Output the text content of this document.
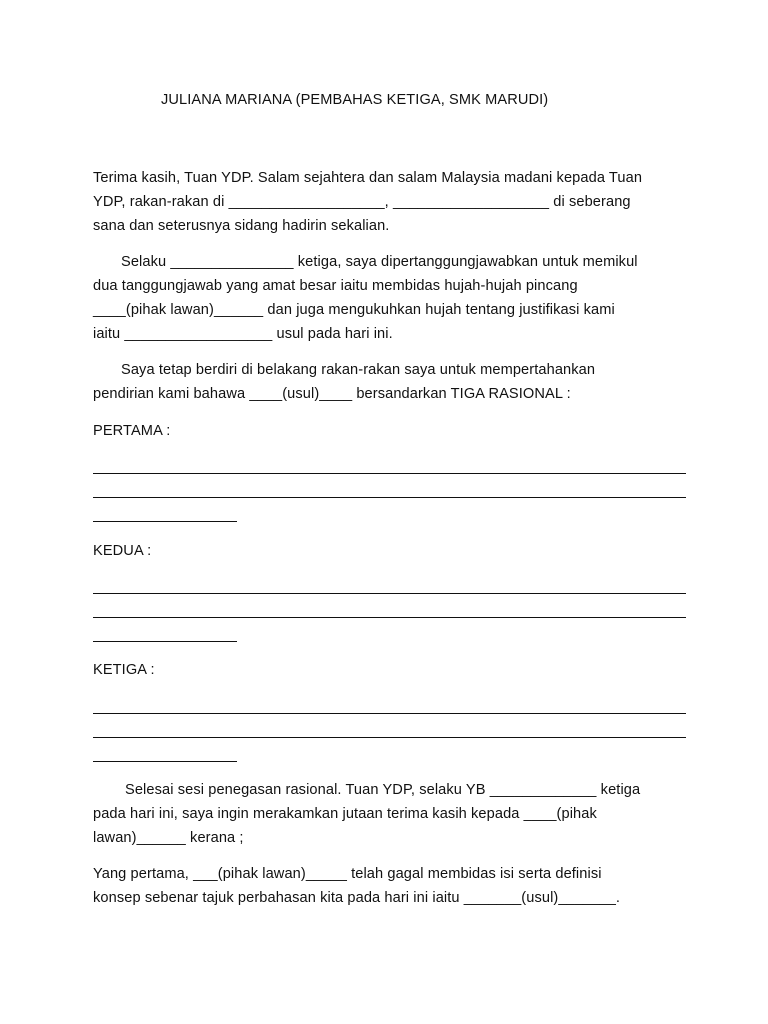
JULIANA MARIANA (PEMBAHAS KETIGA, SMK MARUDI)
Terima kasih, Tuan YDP. Salam sejahtera dan salam Malaysia madani kepada Tuan
YDP, rakan-rakan di ___________________, ___________________ di seberang
sana dan seterusnya sidang hadirin sekalian.
Selaku _______________ ketiga, saya dipertanggungjawabkan untuk memikul
dua tanggungjawab yang amat besar iaitu membidas hujah-hujah pincang
____(pihak lawan)______ dan juga mengukuhkan hujah tentang justifikasi kami
iaitu __________________ usul pada hari ini.
Saya tetap berdiri di belakang rakan-rakan saya untuk mempertahankan
pendirian kami bahawa ____(usul)____ bersandarkan TIGA RASIONAL :
PERTAMA :
KEDUA :
KETIGA :
Selesai sesi penegasan rasional. Tuan YDP, selaku YB _____________ ketiga
pada hari ini, saya ingin merakamkan jutaan terima kasih kepada ____(pihak
lawan)______ kerana ;
Yang pertama, ___(pihak lawan)_____ telah gagal membidas isi serta definisi
konsep sebenar tajuk perbahasan kita pada hari ini iaitu _______(usul)_______.
